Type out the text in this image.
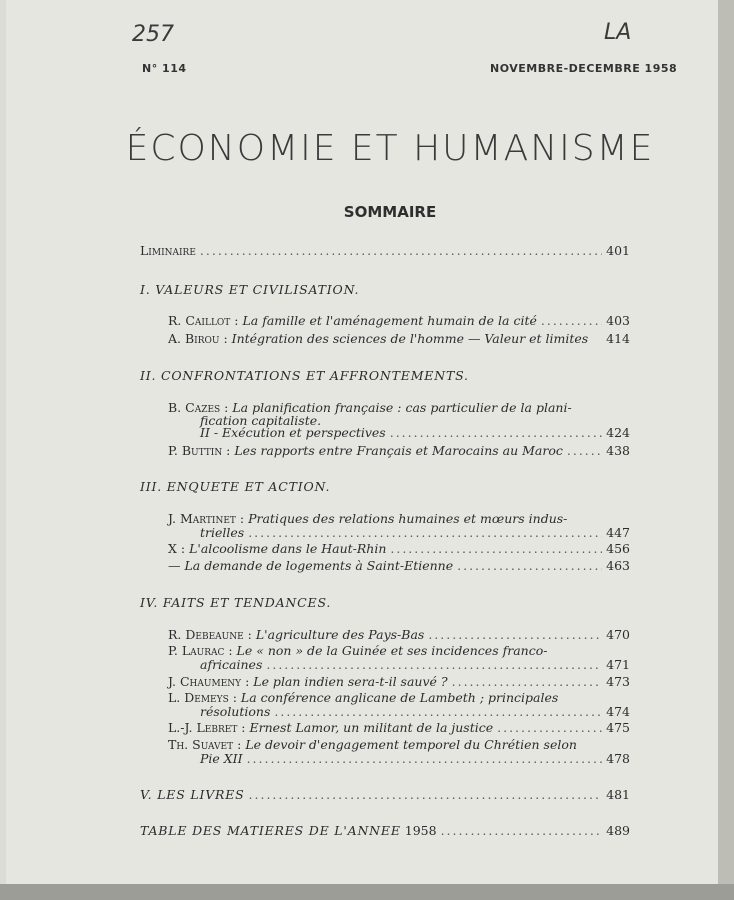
257	LA
N° 114	NOVEMBRE-DECEMBRE 1958
ÉCONOMIE ET HUMANISME
SOMMAIRE
Liminaire .....	401
I. VALEURS ET CIVILISATION.
R. Caillot : La famille et l'aménagement humain de la cité .....	403
A. Birou : Intégration des sciences de l'homme — Valeur et limites 414
II. CONFRONTATIONS ET AFFRONTEMENTS.
B. Cazes : La planification française : cas particulier de la plani-
fication capitaliste.
II - Exécution et perspectives .....	424
P. Buttin : Les rapports entre Français et Marocains au Maroc .....	438
III. ENQUETE ET ACTION.
J. Martinet : Pratiques des relations humaines et mœurs indus-
trielles .....	447
X : L'alcoolisme dans le Haut-Rhin .....	456
— La demande de logements à Saint-Etienne .....	463
IV. FAITS ET TENDANCES.
R. Debeaune : L'agriculture des Pays-Bas .....	470
P. Laurac : Le « non » de la Guinée et ses incidences franco-
africaines .....	471
J. Chaumeny : Le plan indien sera-t-il sauvé ? .....	473
L. Demeys : La conférence anglicane de Lambeth ; principales
résolutions .....	474
L.-J. Lebret : Ernest Lamor, un militant de la justice .....	475
Th. Suavet : Le devoir d'engagement temporel du Chrétien selon
Pie XII .....	478
V. LES LIVRES .....	481
TABLE DES MATIERES DE L'ANNEE 1958 .....	489
